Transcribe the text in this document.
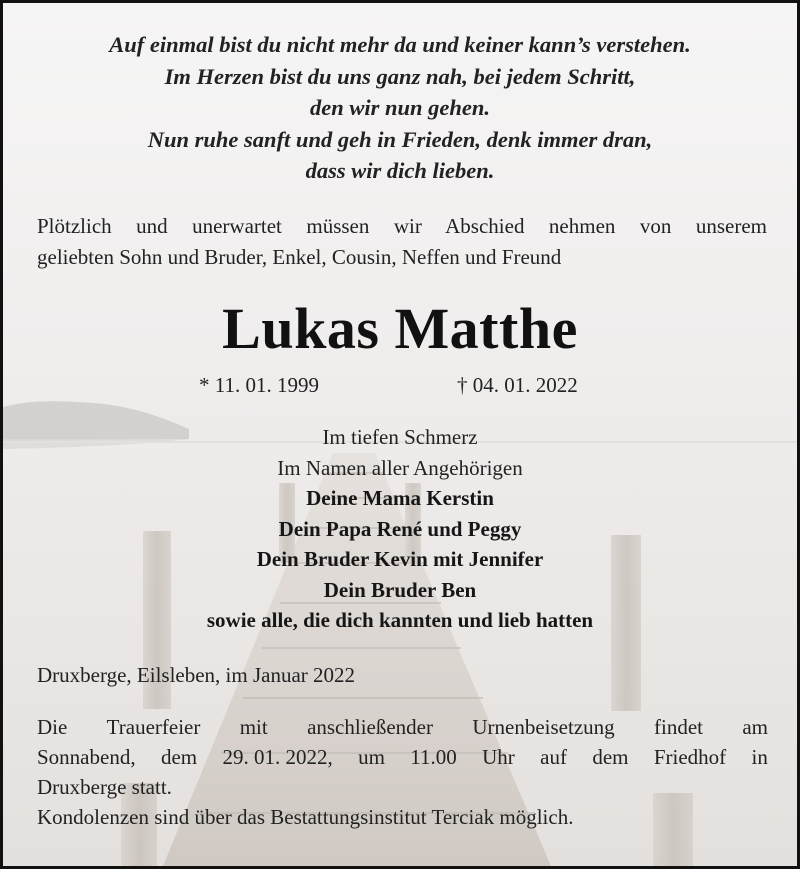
Auf einmal bist du nicht mehr da und keiner kann’s verstehen.
Im Herzen bist du uns ganz nah, bei jedem Schritt,
den wir nun gehen.
Nun ruhe sanft und geh in Frieden, denk immer dran,
dass wir dich lieben.
Plötzlich und unerwartet müssen wir Abschied nehmen von unserem
geliebten Sohn und Bruder, Enkel, Cousin, Neffen und Freund
Lukas Matthe
* 11. 01. 1999	† 04. 01. 2022
Im tiefen Schmerz
Im Namen aller Angehörigen
Deine Mama Kerstin
Dein Papa René und Peggy
Dein Bruder Kevin mit Jennifer
Dein Bruder Ben
sowie alle, die dich kannten und lieb hatten
Druxberge, Eilsleben, im Januar 2022
Die Trauerfeier mit anschließender Urnenbeisetzung findet am
Sonnabend, dem 29. 01. 2022, um 11.00 Uhr auf dem Friedhof in
Druxberge statt.
Kondolenzen sind über das Bestattungsinstitut Terciak möglich.
